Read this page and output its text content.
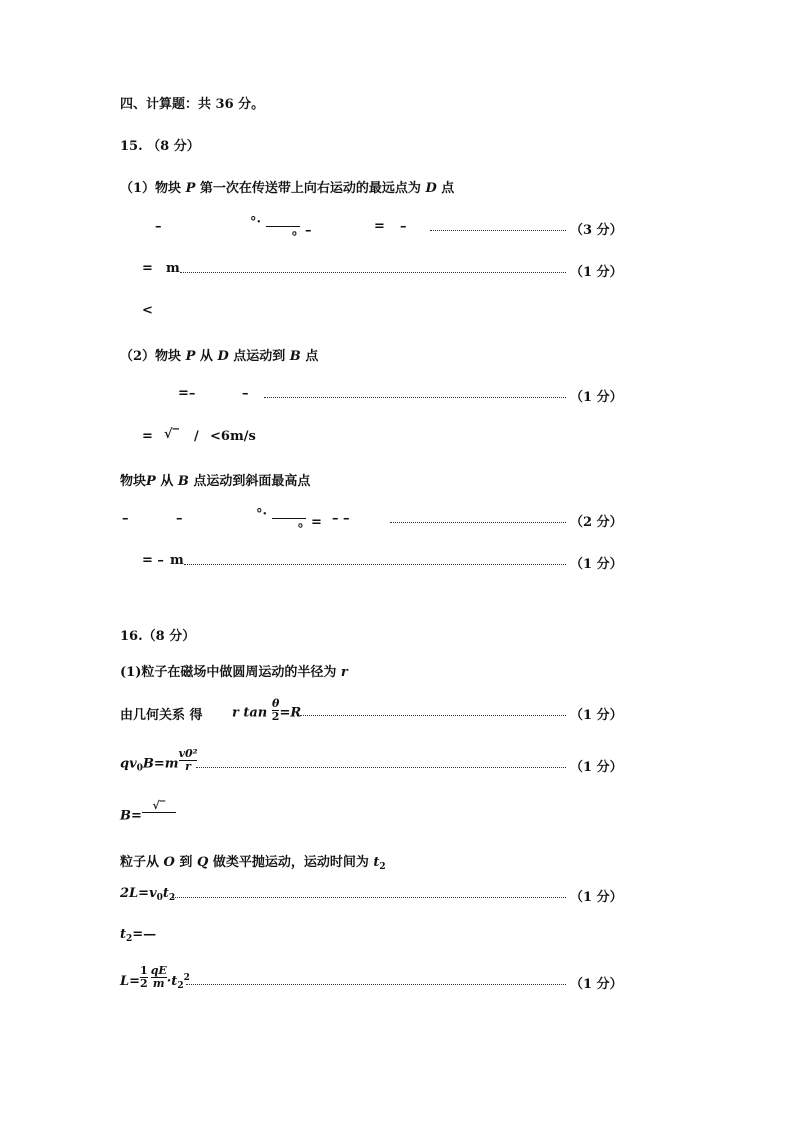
四、计算题：共 36 分。
15. （8 分）
（1）物块 P 第一次在传送带上向右运动的最远点为 D 点
–	°·
。–	= –	（3 分）
= m	（1 分）
<
（2）物块 P 从 D 点运动到 B 点
=–	–	（1 分）
= √‾ / <6m/s
物块P 从 B 点运动到斜面最高点
–	–	°·
。= – –	（2 分）
= – m	（1 分）
16.（8 分）
(1)粒子在磁场中做圆周运动的半径为 r
由几何关系 得 r $\tan \frac{\theta}{2} =R$	（1 分）
$qv_0B=m \frac{\text{v0²}}{r}$	（1 分）
B=
√‾

粒子从 O 到 Q 做类平抛运动，运动时间为 $t_2$
$2L=v_0t_2$	（1 分）
$t_2=—$
$L= \frac{1}{2} \frac{qE}{m} \cdot t_2^2$	（1 分）
